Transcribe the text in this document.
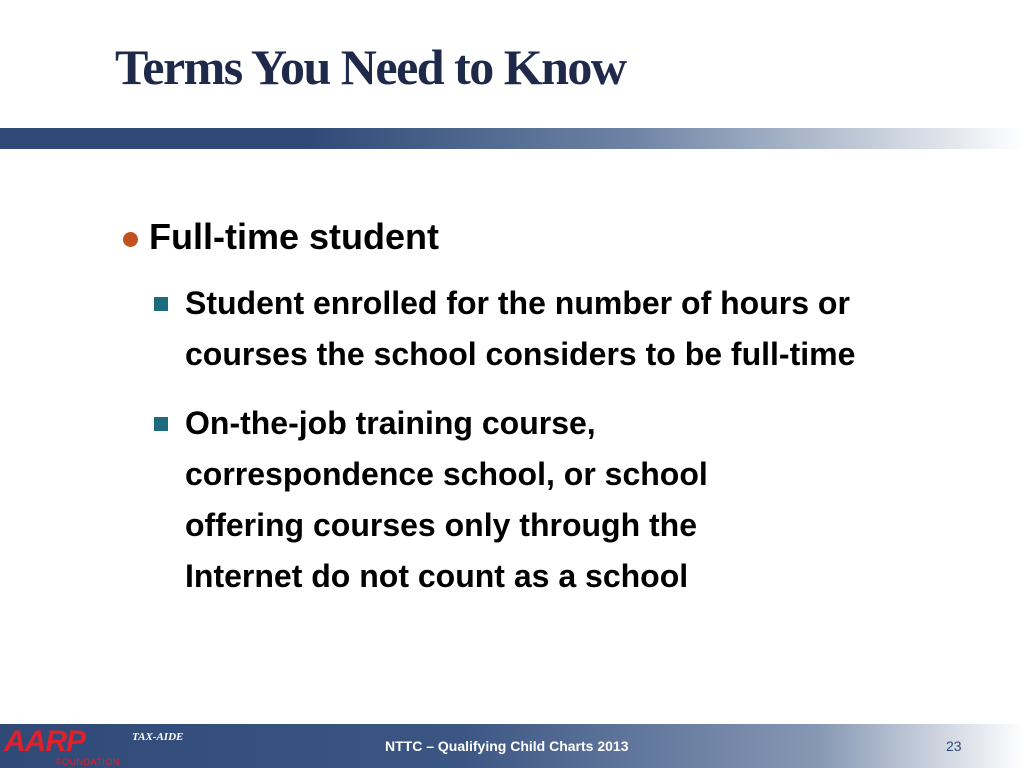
Terms You Need to Know
Full-time student
Student enrolled for the number of hours or courses the school considers to be full-time
On-the-job training course, correspondence school, or school offering courses only through the Internet do not count as a school
AARP
FOUNDATION
TAX-AIDE
NTTC – Qualifying Child Charts 2013	23
